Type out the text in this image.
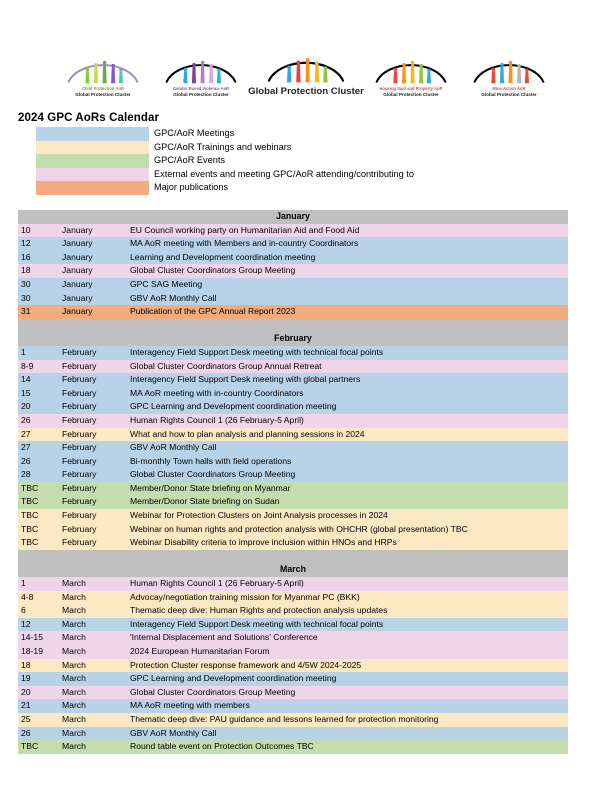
Child Protection AoR
Global Protection Cluster
Gender Based Violence AoR
Global Protection Cluster Global Protection Cluster	Housing land and Property AoR
Global Protection Cluster
Mine Action AoR
Global Protection Cluster
2024 GPC AoRs Calendar
GPC/AoR Meetings
GPC/AoR Trainings and webinars
GPC/AoR Events
External events and meeting GPC/AoR attending/contributing to
Major publications
January		
10	January	EU Council working party on Humanitarian Aid and Food Aid
12	January	MA AoR meeting with Members and in-country Coordinators
16	January	Learning and Development coordination meeting
18	January	Global Cluster Coordinators Group Meeting
30	January	GPC SAG Meeting
30	January	GBV AoR Monthly Call
31	January	Publication of the GPC Annual Report 2023

February		
1	February	Interagency Field Support Desk meeting with technical focal points
8-9	February	Global Cluster Coordinators Group Annual Retreat
14	February	Interagency Field Support Desk meeting with global partners
15	February	MA AoR meeting with in-country Coordinators
20	February	GPC Learning and Development coordination meeting
26	February	Human Rights Council 1 (26 February-5 April)
27	February	What and how to plan analysis and planning sessions in 2024
27	February	GBV AoR Monthly Call
26	February	Bi-monthly Town halls with field operations
28	February	Global Cluster Coordinators Group Meeting
TBC	February	Member/Donor State briefing on Myanmar
TBC	February	Member/Donor State briefing on Sudan
TBC	February	Webinar for Protection Clusters on Joint Analysis processes in 2024
TBC	February	Webinar on human rights and protection analysis with OHCHR (global presentation) TBC
TBC	February	Webinar Disability criteria to improve inclusion within HNOs and HRPs

March		
1	March	Human Rights Council 1 (26 February-5 April)
4-8	March	Advocay/negotiation training mission for Myanmar PC (BKK)
6	March	Thematic deep dive: Human Rights and protection analysis updates
12	March	Interagency Field Support Desk meeting with technical focal points
14-15	March	'Internal Displacement and Solutions' Conference
18-19	March	2024 European Humanitarian Forum
18	March	Protection Cluster response framework and 4/5W 2024-2025
19	March	GPC Learning and Development coordination meeting
20	March	Global Cluster Coordinators Group Meeting
21	March	MA AoR meeting with members
25	March	Thematic deep dive: PAU guidance and lessons learned for protection monitoring
26	March	GBV AoR Monthly Call
TBC	March	Round table event on Protection Outcomes TBC
